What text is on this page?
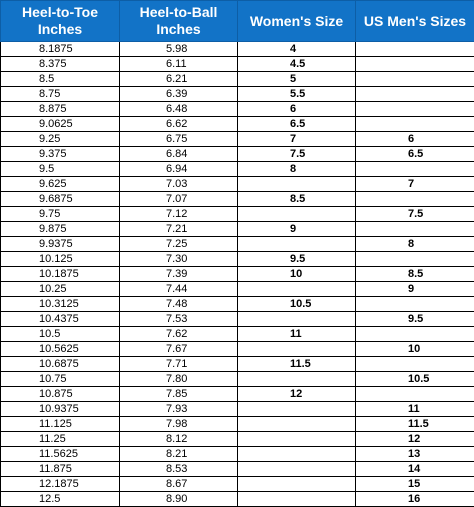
Heel-to-Toe
Inches	Heel-to-Ball
Inches	Women's Size	US Men's Sizes
8.1875	5.98	4	
8.375	6.11	4.5	
8.5	6.21	5	
8.75	6.39	5.5	
8.875	6.48	6	
9.0625	6.62	6.5	
9.25	6.75	7	6
9.375	6.84	7.5	6.5
9.5	6.94	8	
9.625	7.03		7
9.6875	7.07	8.5	
9.75	7.12		7.5
9.875	7.21	9	
9.9375	7.25		8
10.125	7.30	9.5	
10.1875	7.39	10	8.5
10.25	7.44		9
10.3125	7.48	10.5	
10.4375	7.53		9.5
10.5	7.62	11	
10.5625	7.67		10
10.6875	7.71	11.5	
10.75	7.80		10.5
10.875	7.85	12	
10.9375	7.93		11
11.125	7.98		11.5
11.25	8.12		12
11.5625	8.21		13
11.875	8.53		14
12.1875	8.67		15
12.5	8.90		16
